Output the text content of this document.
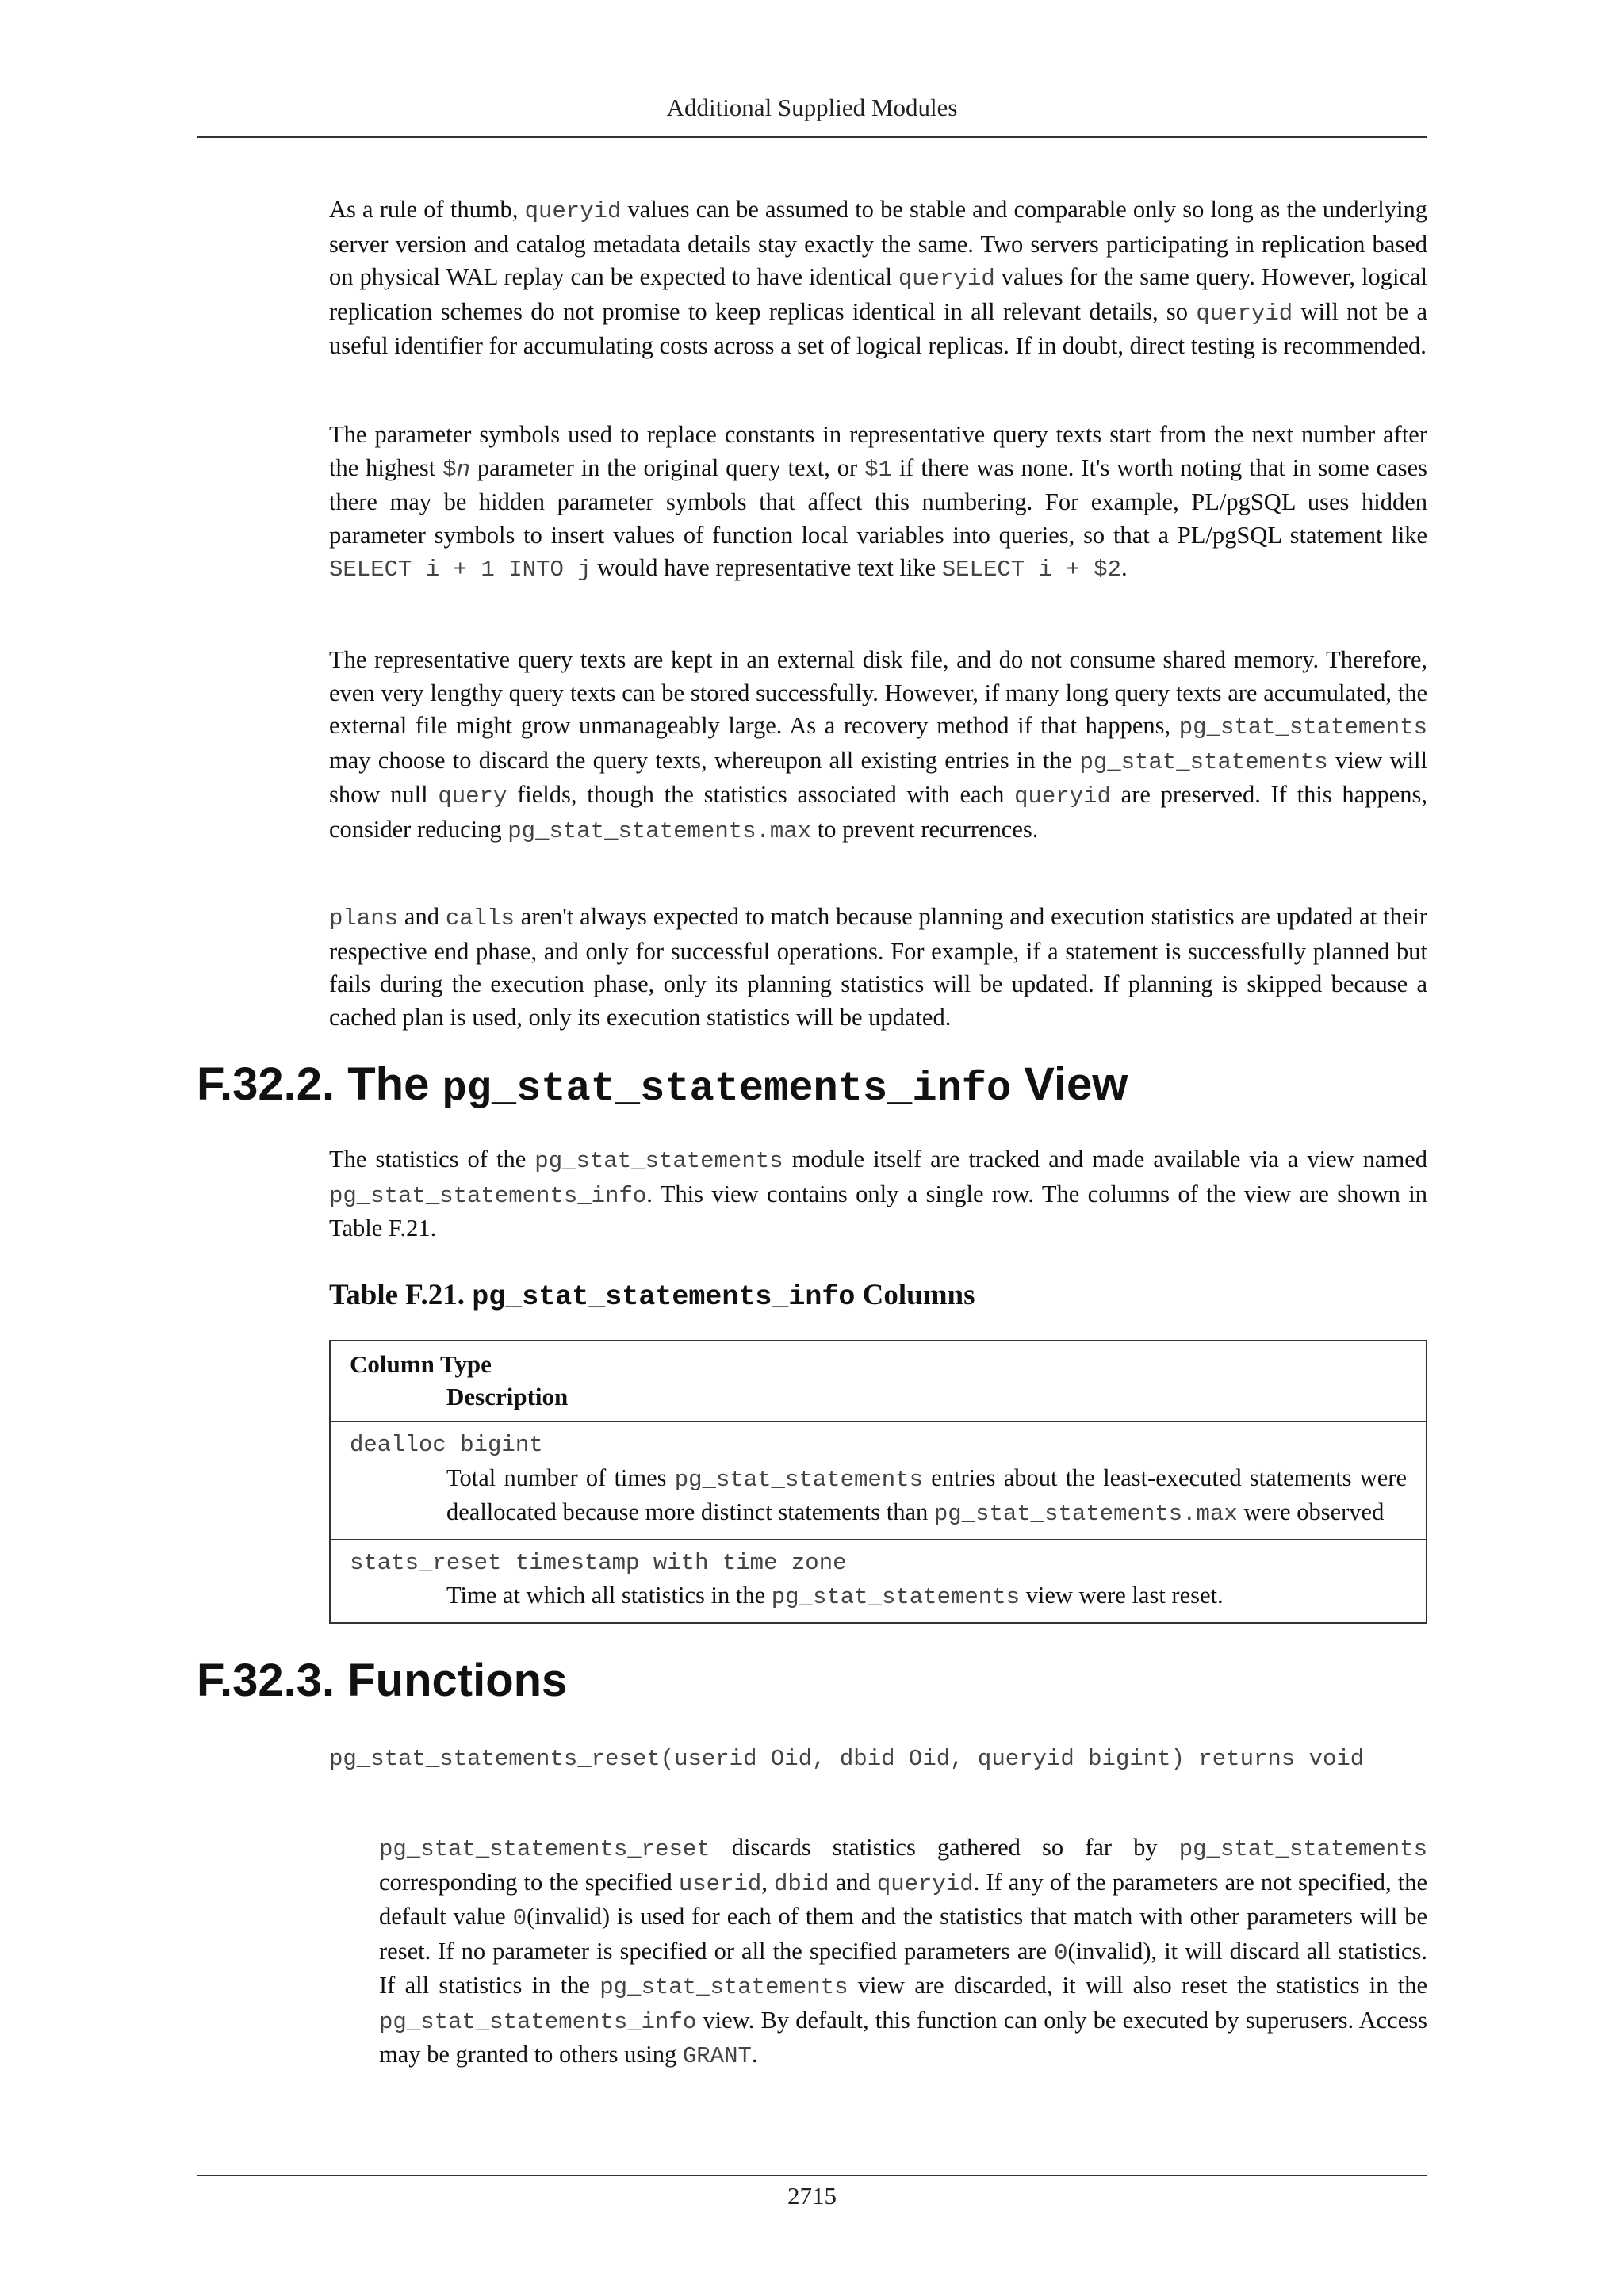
Additional Supplied Modules

As a rule of thumb, queryid values can be assumed to be stable and comparable only so long as the underlying server version and catalog metadata details stay exactly the same. Two servers participating in replication based on physical WAL replay can be expected to have identical queryid values for the same query. However, logical replication schemes do not promise to keep replicas identical in all relevant details, so queryid will not be a useful identifier for accumulating costs across a set of logical replicas. If in doubt, direct testing is recommended.

The parameter symbols used to replace constants in representative query texts start from the next number after the highest $n parameter in the original query text, or $1 if there was none. It's worth noting that in some cases there may be hidden parameter symbols that affect this numbering. For example, PL/pgSQL uses hidden parameter symbols to insert values of function local variables into queries, so that a PL/pgSQL statement like SELECT i + 1 INTO j would have representative text like SELECT i + $2.

The representative query texts are kept in an external disk file, and do not consume shared memory. Therefore, even very lengthy query texts can be stored successfully. However, if many long query texts are accumulated, the external file might grow unmanageably large. As a recovery method if that happens, pg_stat_statements may choose to discard the query texts, whereupon all existing entries in the pg_stat_statements view will show null query fields, though the statistics associated with each queryid are preserved. If this happens, consider reducing pg_stat_statements.max to prevent recurrences.

plans and calls aren't always expected to match because planning and execution statistics are updated at their respective end phase, and only for successful operations. For example, if a statement is successfully planned but fails during the execution phase, only its planning statistics will be updated. If planning is skipped because a cached plan is used, only its execution statistics will be updated.

F.32.2. The pg_stat_statements_info View

The statistics of the pg_stat_statements module itself are tracked and made available via a view named pg_stat_statements_info. This view contains only a single row. The columns of the view are shown in Table F.21.

Table F.21. pg_stat_statements_info Columns
Column Type
Description
dealloc bigint
Total number of times pg_stat_statements entries about the least-executed statements were deallocated because more distinct statements than pg_stat_statements.max were observed
stats_reset timestamp with time zone
Time at which all statistics in the pg_stat_statements view were last reset.
F.32.3. Functions

pg_stat_statements_reset(userid Oid, dbid Oid, queryid bigint) returns void

pg_stat_statements_reset discards statistics gathered so far by pg_stat_statements corresponding to the specified userid, dbid and queryid. If any of the parameters are not specified, the default value 0(invalid) is used for each of them and the statistics that match with other parameters will be reset. If no parameter is specified or all the specified parameters are 0(invalid), it will discard all statistics. If all statistics in the pg_stat_statements view are discarded, it will also reset the statistics in the pg_stat_statements_info view. By default, this function can only be executed by superusers. Access may be granted to others using GRANT.

2715
